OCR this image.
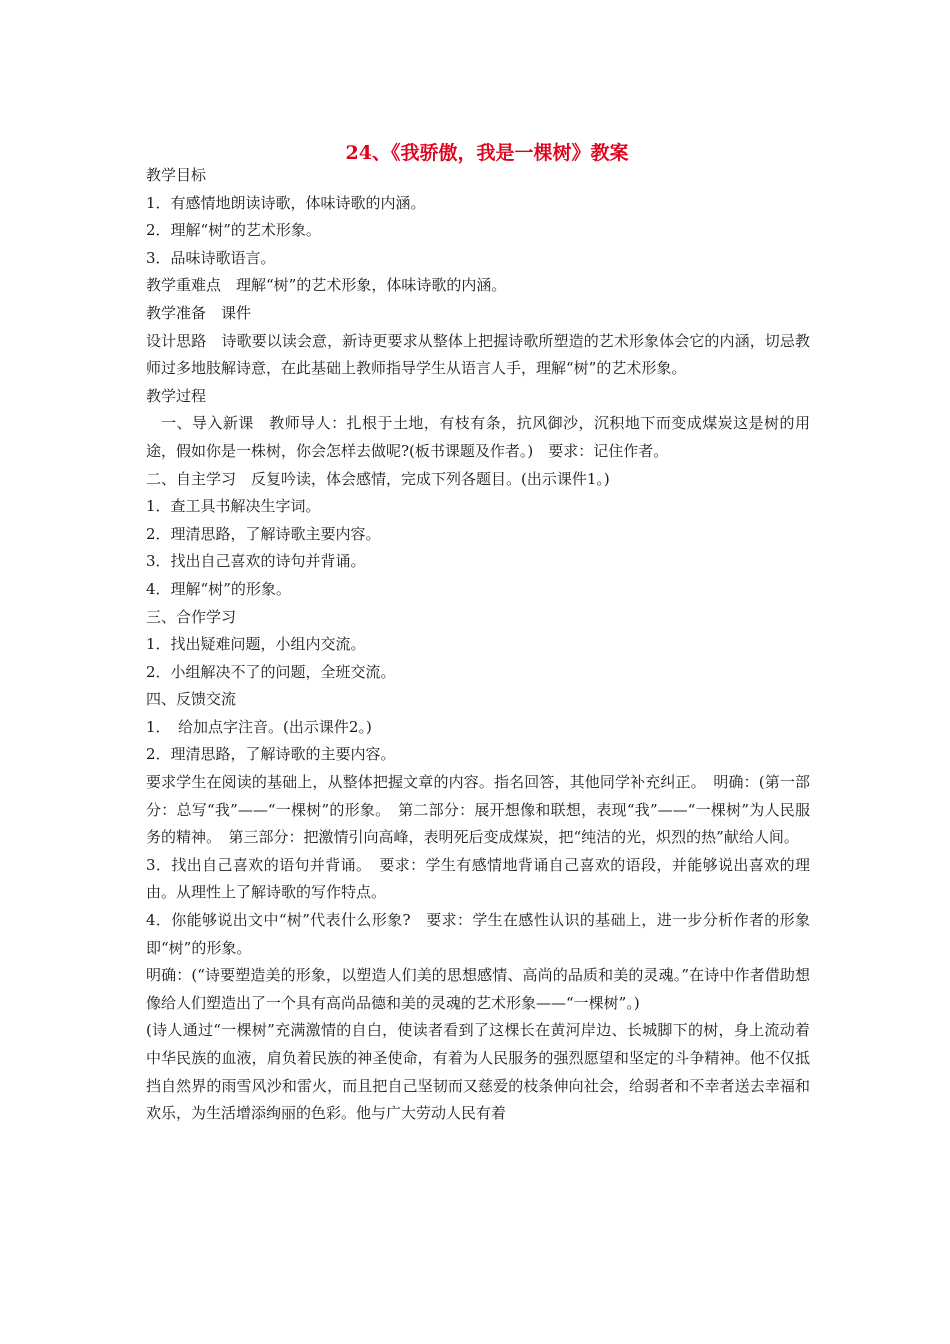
24、《我骄傲，我是一棵树》教案

教学目标

1．有感情地朗读诗歌，体味诗歌的内涵。

2．理解“树”的艺术形象。

3．品味诗歌语言。

教学重难点　理解“树”的艺术形象，体味诗歌的内涵。

教学准备　课件

设计思路　诗歌要以读会意，新诗更要求从整体上把握诗歌所塑造的艺术形象体会它的内涵，切忌教师过多地肢解诗意，在此基础上教师指导学生从语言人手，理解“树”的艺术形象。

教学过程

一、导入新课　教师导人：扎根于土地，有枝有条，抗风御沙，沉积地下而变成煤炭这是树的用途，假如你是一株树，你会怎样去做呢?(板书课题及作者。)　要求：记住作者。

二、自主学习　反复吟读，体会感情，完成下列各题目。(出示课件1。)

1．查工具书解决生字词。

2．理清思路，了解诗歌主要内容。

3．找出自己喜欢的诗句并背诵。

4．理解“树”的形象。

三、合作学习

1．找出疑难问题，小组内交流。

2．小组解决不了的问题，全班交流。

四、反馈交流

1．　给加点字注音。(出示课件2。)

2．理清思路，了解诗歌的主要内容。

要求学生在阅读的基础上，从整体把握文章的内容。指名回答，其他同学补充纠正。　明确：(第一部分：总写“我”——“一棵树”的形象。　第二部分：展开想像和联想，表现“我”——“一棵树”为人民服务的精神。　第三部分：把激情引向高峰，表明死后变成煤炭，把“纯洁的光，炽烈的热”献给人间。

3．找出自己喜欢的语句并背诵。　要求：学生有感情地背诵自己喜欢的语段，并能够说出喜欢的理由。从理性上了解诗歌的写作特点。

4．你能够说出文中“树”代表什么形象?　要求：学生在感性认识的基础上，进一步分析作者的形象即“树”的形象。

明确：(“诗要塑造美的形象，以塑造人们美的思想感情、高尚的品质和美的灵魂。”在诗中作者借助想像给人们塑造出了一个具有高尚品德和美的灵魂的艺术形象——“一棵树”。)

(诗人通过“一棵树”充满激情的自白，使读者看到了这棵长在黄河岸边、长城脚下的树，身上流动着中华民族的血液，肩负着民族的神圣使命，有着为人民服务的强烈愿望和坚定的斗争精神。他不仅抵挡自然界的雨雪风沙和雷火，而且把自己坚韧而又慈爱的枝条伸向社会，给弱者和不幸者送去幸福和欢乐，为生活增添绚丽的色彩。他与广大劳动人民有着
